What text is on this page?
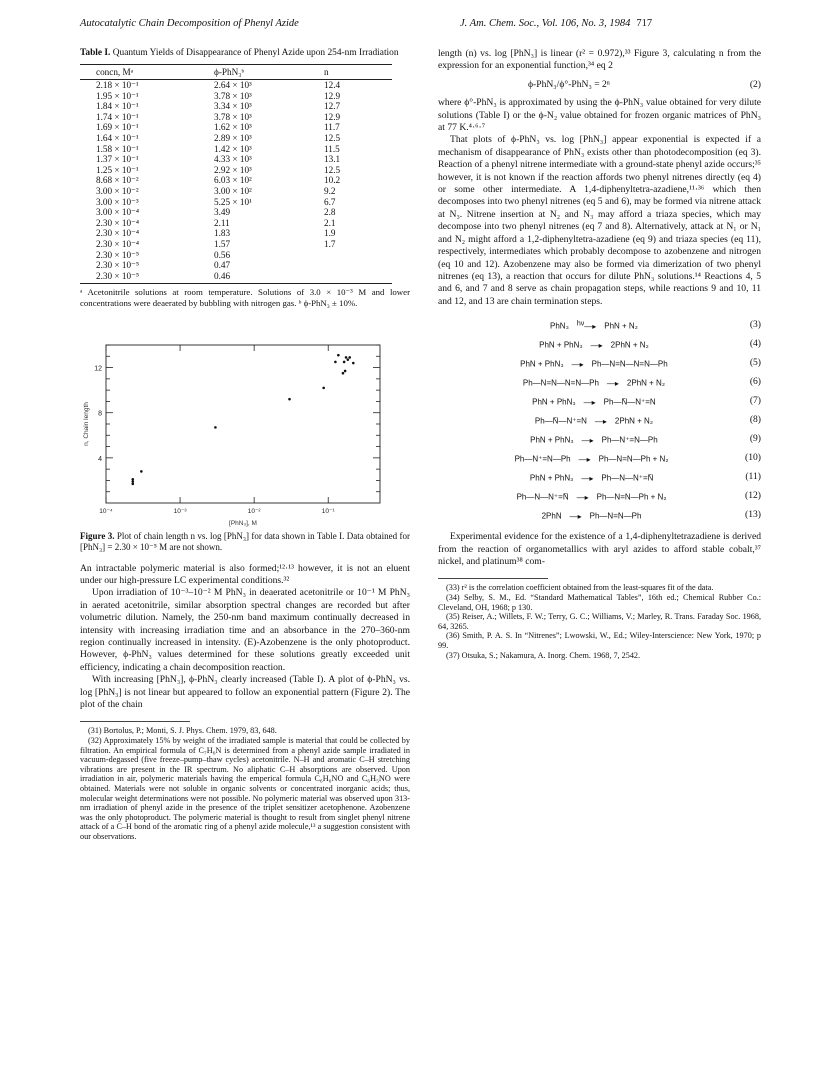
Autocatalytic Chain Decomposition of Phenyl Azide	J. Am. Chem. Soc., Vol. 106, No. 3, 1984 717
Table I. Quantum Yields of Disappearance of Phenyl Azide upon 254-nm Irradiation
concn, Mᵃ	ϕ-PhN₃ᵇ	n
2.18 × 10⁻¹	2.64 × 10³	12.4
1.95 × 10⁻¹	3.78 × 10³	12.9
1.84 × 10⁻¹	3.34 × 10³	12.7
1.74 × 10⁻¹	3.78 × 10³	12.9
1.69 × 10⁻¹	1.62 × 10³	11.7
1.64 × 10⁻¹	2.89 × 10³	12.5
1.58 × 10⁻¹	1.42 × 10³	11.5
1.37 × 10⁻¹	4.33 × 10³	13.1
1.25 × 10⁻¹	2.92 × 10³	12.5
8.68 × 10⁻²	6.03 × 10²	10.2
3.00 × 10⁻²	3.00 × 10²	9.2
3.00 × 10⁻³	5.25 × 10¹	6.7
3.00 × 10⁻⁴	3.49	2.8
2.30 × 10⁻⁴	2.11	2.1
2.30 × 10⁻⁴	1.83	1.9
2.30 × 10⁻⁴	1.57	1.7
2.30 × 10⁻⁵	0.56	
2.30 × 10⁻⁵	0.47	
2.30 × 10⁻⁵	0.46	
ᵃ Acetonitrile solutions at room temperature. Solutions of 3.0 × 10⁻³ M and lower concentrations were deaerated by bubbling with nitrogen gas. ᵇ ϕ-PhN₃ ± 10%.
4
8
12
10⁻⁴	10⁻³	10⁻²	10⁻¹
[PhN₃], M
n, Chain length
Figure 3. Plot of chain length n vs. log [PhN₃] for data shown in Table I. Data obtained for [PhN₃] = 2.30 × 10⁻⁵ M are not shown.

An intractable polymeric material is also formed;¹²·¹³ however, it is not an eluent under our high-pressure LC experimental conditions.³²

Upon irradiation of 10⁻³–10⁻² M PhN₃ in deaerated acetonitrile or 10⁻¹ M PhN₃ in aerated acetonitrile, similar absorption spectral changes are recorded but after volumetric dilution. Namely, the 250-nm band maximum continually decreased in intensity with increasing irradiation time and an absorbance in the 270–360-nm region continually increased in intensity. (E)-Azobenzene is the only photoproduct. However, ϕ-PhN₃ values determined for these solutions greatly exceeded unit efficiency, indicating a chain decomposition reaction.

With increasing [PhN₃], ϕ-PhN₃ clearly increased (Table I). A plot of ϕ-PhN₃ vs. log [PhN₃] is not linear but appeared to follow an exponential pattern (Figure 2). The plot of the chain

(31) Bortolus, P.; Monti, S. J. Phys. Chem. 1979, 83, 648.

(32) Approximately 15% by weight of the irradiated sample is material that could be collected by filtration. An empirical formula of C₇H₆N is determined from a phenyl azide sample irradiated in vacuum-degassed (five freeze–pump–thaw cycles) acetonitrile. N–H and aromatic C–H stretching vibrations are present in the IR spectrum. No aliphatic C–H absorptions are observed. Upon irradiation in air, polymeric materials having the emperical formula C₆H₆NO and C₆H₅NO were obtained. Materials were not soluble in organic solvents or concentrated inorganic acids; thus, molecular weight determinations were not possible. No polymeric material was observed upon 313-nm irradiation of phenyl azide in the presence of the triplet sensitizer acetophenone. Azobenzene was the only photoproduct. The polymeric material is thought to result from singlet phenyl nitrene attack of a C–H bond of the aromatic ring of a phenyl azide molecule,¹³ a suggestion consistent with our observations.

length (n) vs. log [PhN₃] is linear (r² = 0.972),³³ Figure 3, calculating n from the expression for an exponential function,³⁴ eq 2

ϕ-PhN₃/ϕ°-PhN₃ = 2ⁿ	(2)

where ϕ°-PhN₃ is approximated by using the ϕ-PhN₃ value obtained for very dilute solutions (Table I) or the ϕ-N₂ value obtained for frozen organic matrices of PhN₃ at 77 K.⁴·⁶·⁷

That plots of ϕ-PhN₃ vs. log [PhN₃] appear exponential is expected if a mechanism of disappearance of PhN₃ exists other than photodecomposition (eq 3). Reaction of a phenyl nitrene intermediate with a ground-state phenyl azide occurs;³⁵ however, it is not known if the reaction affords two phenyl nitrenes directly (eq 4) or some other intermediate. A 1,4-diphenyltetra-azadiene,¹¹·³⁶ which then decomposes into two phenyl nitrenes (eq 5 and 6), may be formed via nitrene attack at N₃. Nitrene insertion at N₂ and N₃ may afford a triaza species, which may decompose into two phenyl nitrenes (eq 7 and 8). Alternatively, attack at N₁ or N₁ and N₂ might afford a 1,2-diphenyltetra-azadiene (eq 9) and triaza species (eq 11), respectively, intermediates which probably decompose to azobenzene and nitrogen (eq 10 and 12). Azobenzene may also be formed via dimerization of two phenyl nitrenes (eq 13), a reaction that occurs for dilute PhN₃ solutions.¹⁴ Reactions 4, 5 and 6, and 7 and 8 serve as chain propagation steps, while reactions 9 and 10, 11 and 12, and 13 are chain termination steps.

PhN₃ $^{h\nu}$—▸ PhN + N₂	(3)
PhN + PhN₃ —▸ 2PhN + N₂	(4)
PhN + PhN₃ —▸ Ph—N=N—N=N—Ph	(5)
Ph—N=N—N=N—Ph —▸ 2PhN + N₂	(6)
PhN + PhN₃ —▸ Ph—N̄—N⁺=N	(7)
Ph—N̄—N⁺=N —▸ 2PhN + N₂	(8)
PhN + PhN₃ —▸ Ph—N⁺=N—Ph	(9)
Ph—N⁺=N—Ph —▸ Ph—N=N—Ph + N₂	(10)
PhN + PhN₃ —▸ Ph—N—N⁺=N̄	(11)
Ph—N—N⁺=N̄ —▸ Ph—N=N—Ph + N₂	(12)
2PhN —▸ Ph—N=N—Ph	(13)

Experimental evidence for the existence of a 1,4-diphenyltetrazadiene is derived from the reaction of organometallics with aryl azides to afford stable cobalt,³⁷ nickel, and platinum³⁸ com-

(33) r² is the correlation coefficient obtained from the least-squares fit of the data.

(34) Selby, S. M., Ed. “Standard Mathematical Tables”, 16th ed.; Chemical Rubber Co.: Cleveland, OH, 1968; p 130.

(35) Reiser, A.; Willets, F. W.; Terry, G. C.; Williams, V.; Marley, R. Trans. Faraday Soc. 1968, 64, 3265.

(36) Smith, P. A. S. In “Nitrenes”; Lwowski, W., Ed.; Wiley-Interscience: New York, 1970; p 99.

(37) Otsuka, S.; Nakamura, A. Inorg. Chem. 1968, 7, 2542.
